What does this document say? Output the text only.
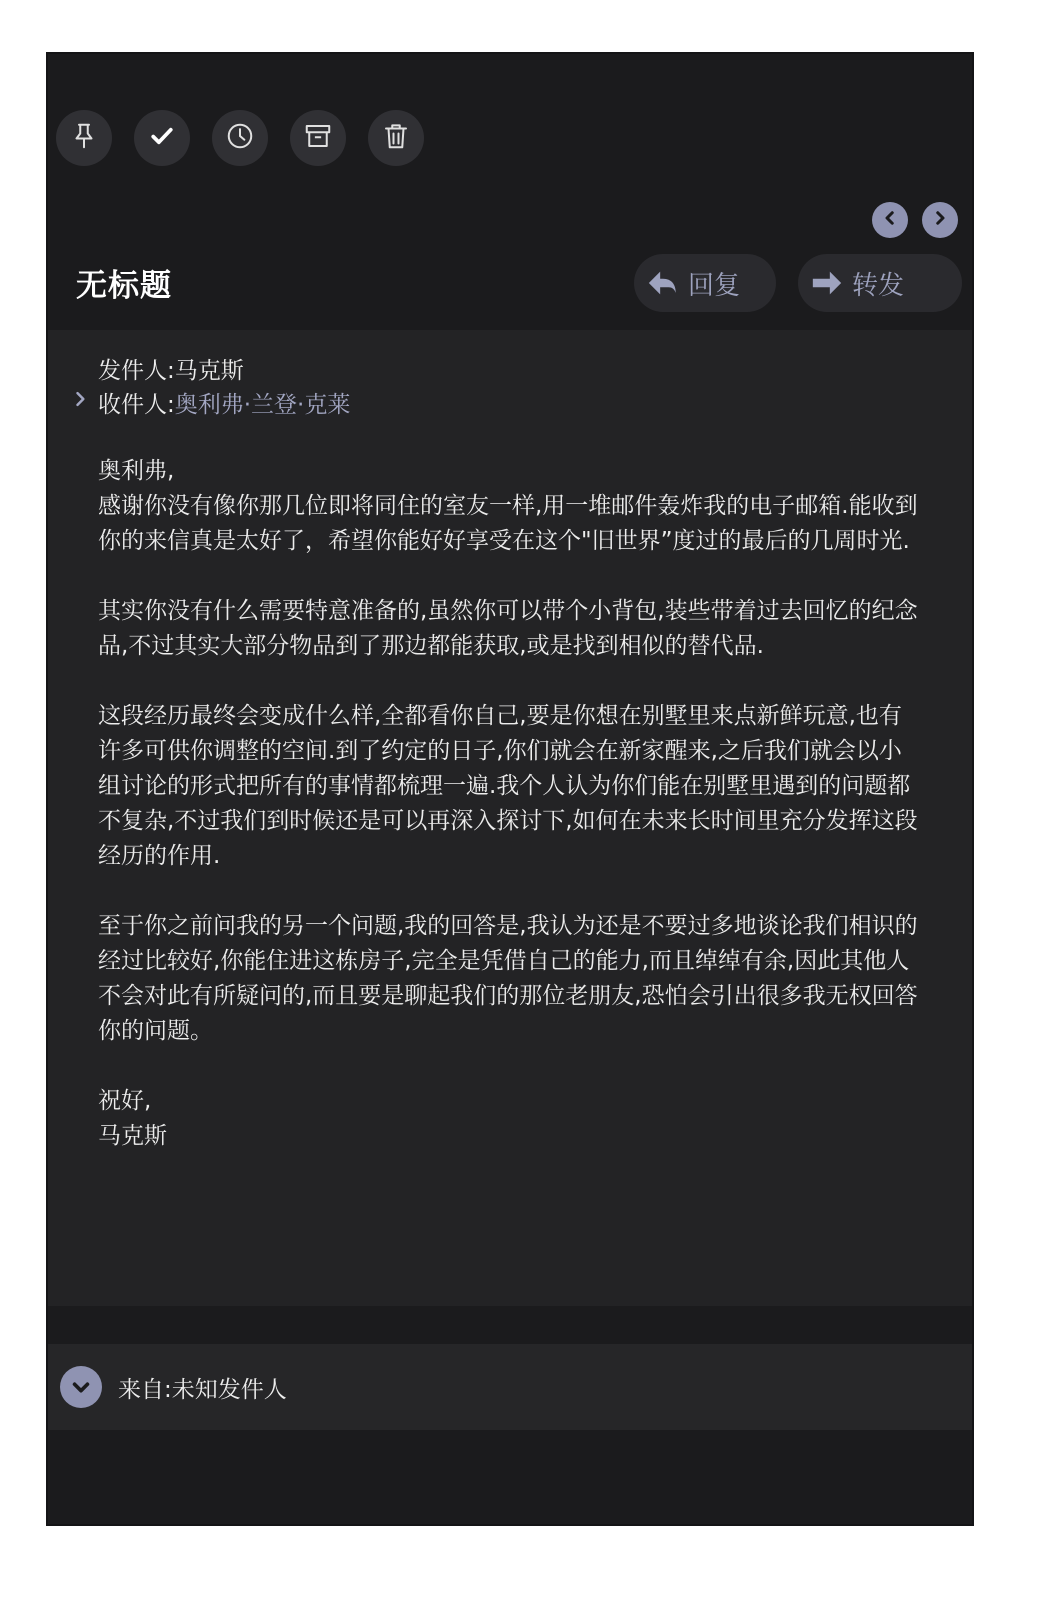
无标题	回复	转发
发件人:马克斯
收件人:奥利弗·兰登·克莱

奥利弗,

感谢你没有像你那几位即将同住的室友一样,用一堆邮件轰炸我的电子邮箱.能收到你的来信真是太好了，希望你能好好享受在这个"旧世界”度过的最后的几周时光.

其实你没有什么需要特意准备的,虽然你可以带个小背包,装些带着过去回忆的纪念品,不过其实大部分物品到了那边都能获取,或是找到相似的替代品.

这段经历最终会变成什么样,全都看你自己,要是你想在别墅里来点新鲜玩意,也有许多可供你调整的空间.到了约定的日子,你们就会在新家醒来,之后我们就会以小组讨论的形式把所有的事情都梳理一遍.我个人认为你们能在别墅里遇到的问题都不复杂,不过我们到时候还是可以再深入探讨下,如何在未来长时间里充分发挥这段经历的作用.

至于你之前问我的另一个问题,我的回答是,我认为还是不要过多地谈论我们相识的经过比较好,你能住进这栋房子,完全是凭借自己的能力,而且绰绰有余,因此其他人不会对此有所疑问的,而且要是聊起我们的那位老朋友,恐怕会引出很多我无权回答你的问题。

祝好,

马克斯

来自:未知发件人
